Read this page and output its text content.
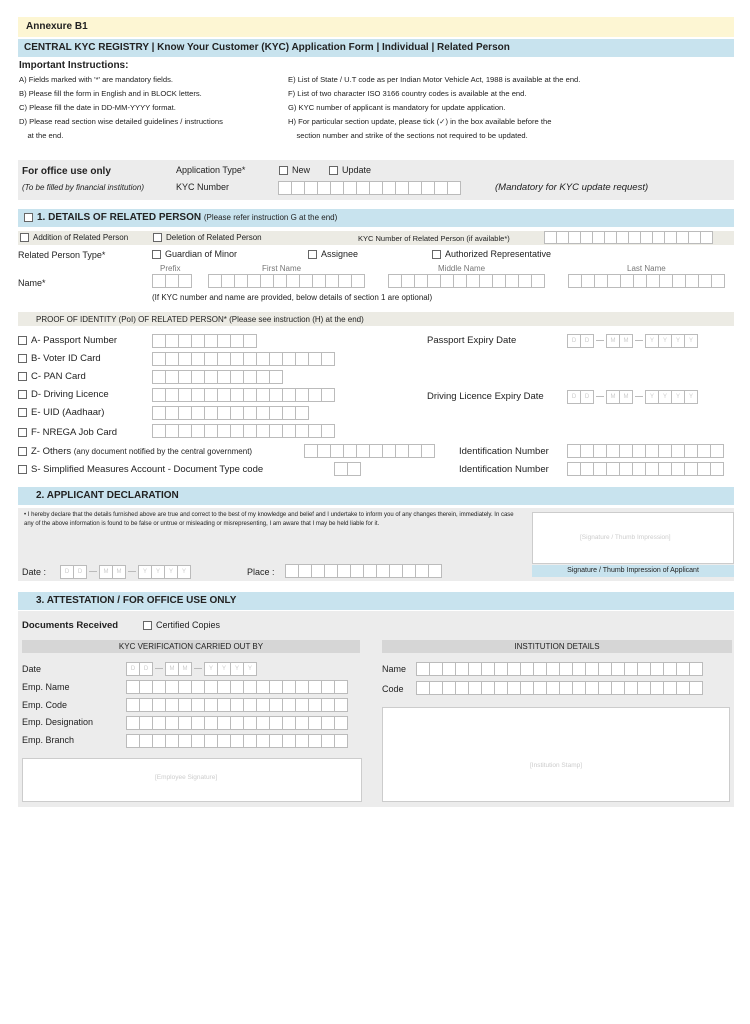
Annexure B1
CENTRAL KYC REGISTRY | Know Your Customer (KYC) Application Form | Individual | Related Person
Important Instructions:
A) Fields marked with '*' are mandatory fields.
B) Please fill the form in English and in BLOCK letters.
C) Please fill the date in DD-MM-YYYY format.
D) Please read section wise detailed guidelines / instructions
at the end.
E) List of State / U.T code as per Indian Motor Vehicle Act, 1988 is available at the end.
F) List of two character ISO 3166 country codes is available at the end.
G) KYC number of applicant is mandatory for update application.
H) For particular section update, please tick (✓) in the box available before the
section number and strike of the sections not required to be updated.
For office use only
(To be filled by financial institution)
Application Type*	New	Update
KYC Number	(Mandatory for KYC update request)
1. DETAILS OF RELATED PERSON (Please refer instruction G at the end)
Addition of Related Person	Deletion of Related Person	KYC Number of Related Person (if available*)
Related Person Type*	Guardian of Minor	Assignee	Authorized Representative
Prefix	First Name	Middle Name	Last Name
Name*
(If KYC number and name are provided, below details of section 1 are optional)
PROOF OF IDENTITY (PoI) OF RELATED PERSON* (Please see instruction (H) at the end)
A- Passport Number	Passport Expiry Date	D	D	M	M	Y	Y	Y	Y
B- Voter ID Card
C- PAN Card
D- Driving Licence	Driving Licence Expiry Date	D	D	M	M	Y	Y	Y	Y
E- UID (Aadhaar)
F- NREGA Job Card
Z- Others (any document notified by the central government)	Identification Number
S- Simplified Measures Account - Document Type code	Identification Number
2. APPLICANT DECLARATION
• I hereby declare that the details furnished above are true and correct to the best of my knowledge and belief and I undertake to inform you of any changes therein, immediately. In case any of the above information is found to be false or untrue or misleading or misrepresenting, I am aware that I may be held liable for it.
Date :	D	D	M	M	Y	Y	Y	Y	Place :
[Signature / Thumb Impression]
Signature / Thumb Impression of Applicant
3. ATTESTATION / FOR OFFICE USE ONLY
Documents Received	Certified Copies
KYC VERIFICATION CARRIED OUT BY	INSTITUTION DETAILS
Date	D	D	M	M	Y	Y	Y	Y
Emp. Name
Emp. Code
Emp. Designation
Emp. Branch
Name
Code
[Employee Signature]
[Institution Stamp]
